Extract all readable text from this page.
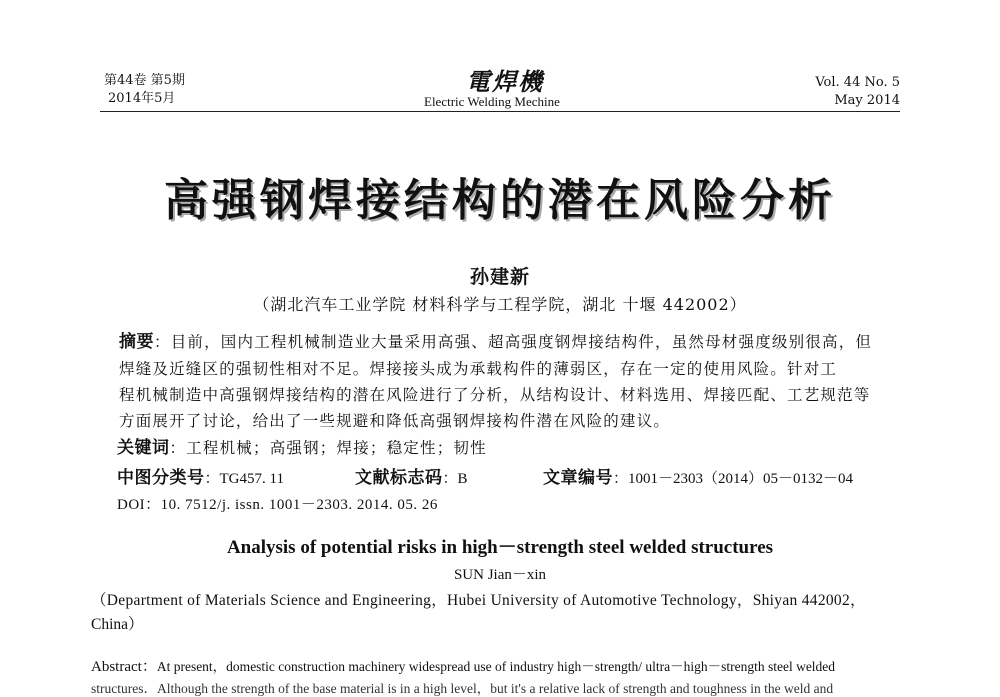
第44卷 第5期
2014年5月
電焊機
Electric Welding Mechine
Vol. 44 No. 5
May 2014
高强钢焊接结构的潜在风险分析
孙建新
（湖北汽车工业学院 材料科学与工程学院，湖北 十堰 442002）
摘要：目前，国内工程机械制造业大量采用高强、超高强度钢焊接结构件，虽然母材强度级别很高，但
焊缝及近缝区的强韧性相对不足。焊接接头成为承载构件的薄弱区，存在一定的使用风险。针对工
程机械制造中高强钢焊接结构的潜在风险进行了分析，从结构设计、材料选用、焊接匹配、工艺规范等
方面展开了讨论，给出了一些规避和降低高强钢焊接构件潜在风险的建议。
关键词：工程机械；高强钢；焊接；稳定性；韧性
中图分类号：TG457. 11	文献标志码：B	文章编号：1001－2303（2014）05－0132－04
DOI：10. 7512/j. issn. 1001－2303. 2014. 05. 26
Analysis of potential risks in high－strength steel welded structures
SUN Jian－xin
（Department of Materials Science and Engineering，Hubei University of Automotive Technology，Shiyan 442002，
China）
Abstract：At present，domestic construction machinery widespread use of industry high－strength/ ultra－high－strength steel welded
structures．Although the strength of the base material is in a high level，but it's a relative lack of strength and toughness in the weld and
